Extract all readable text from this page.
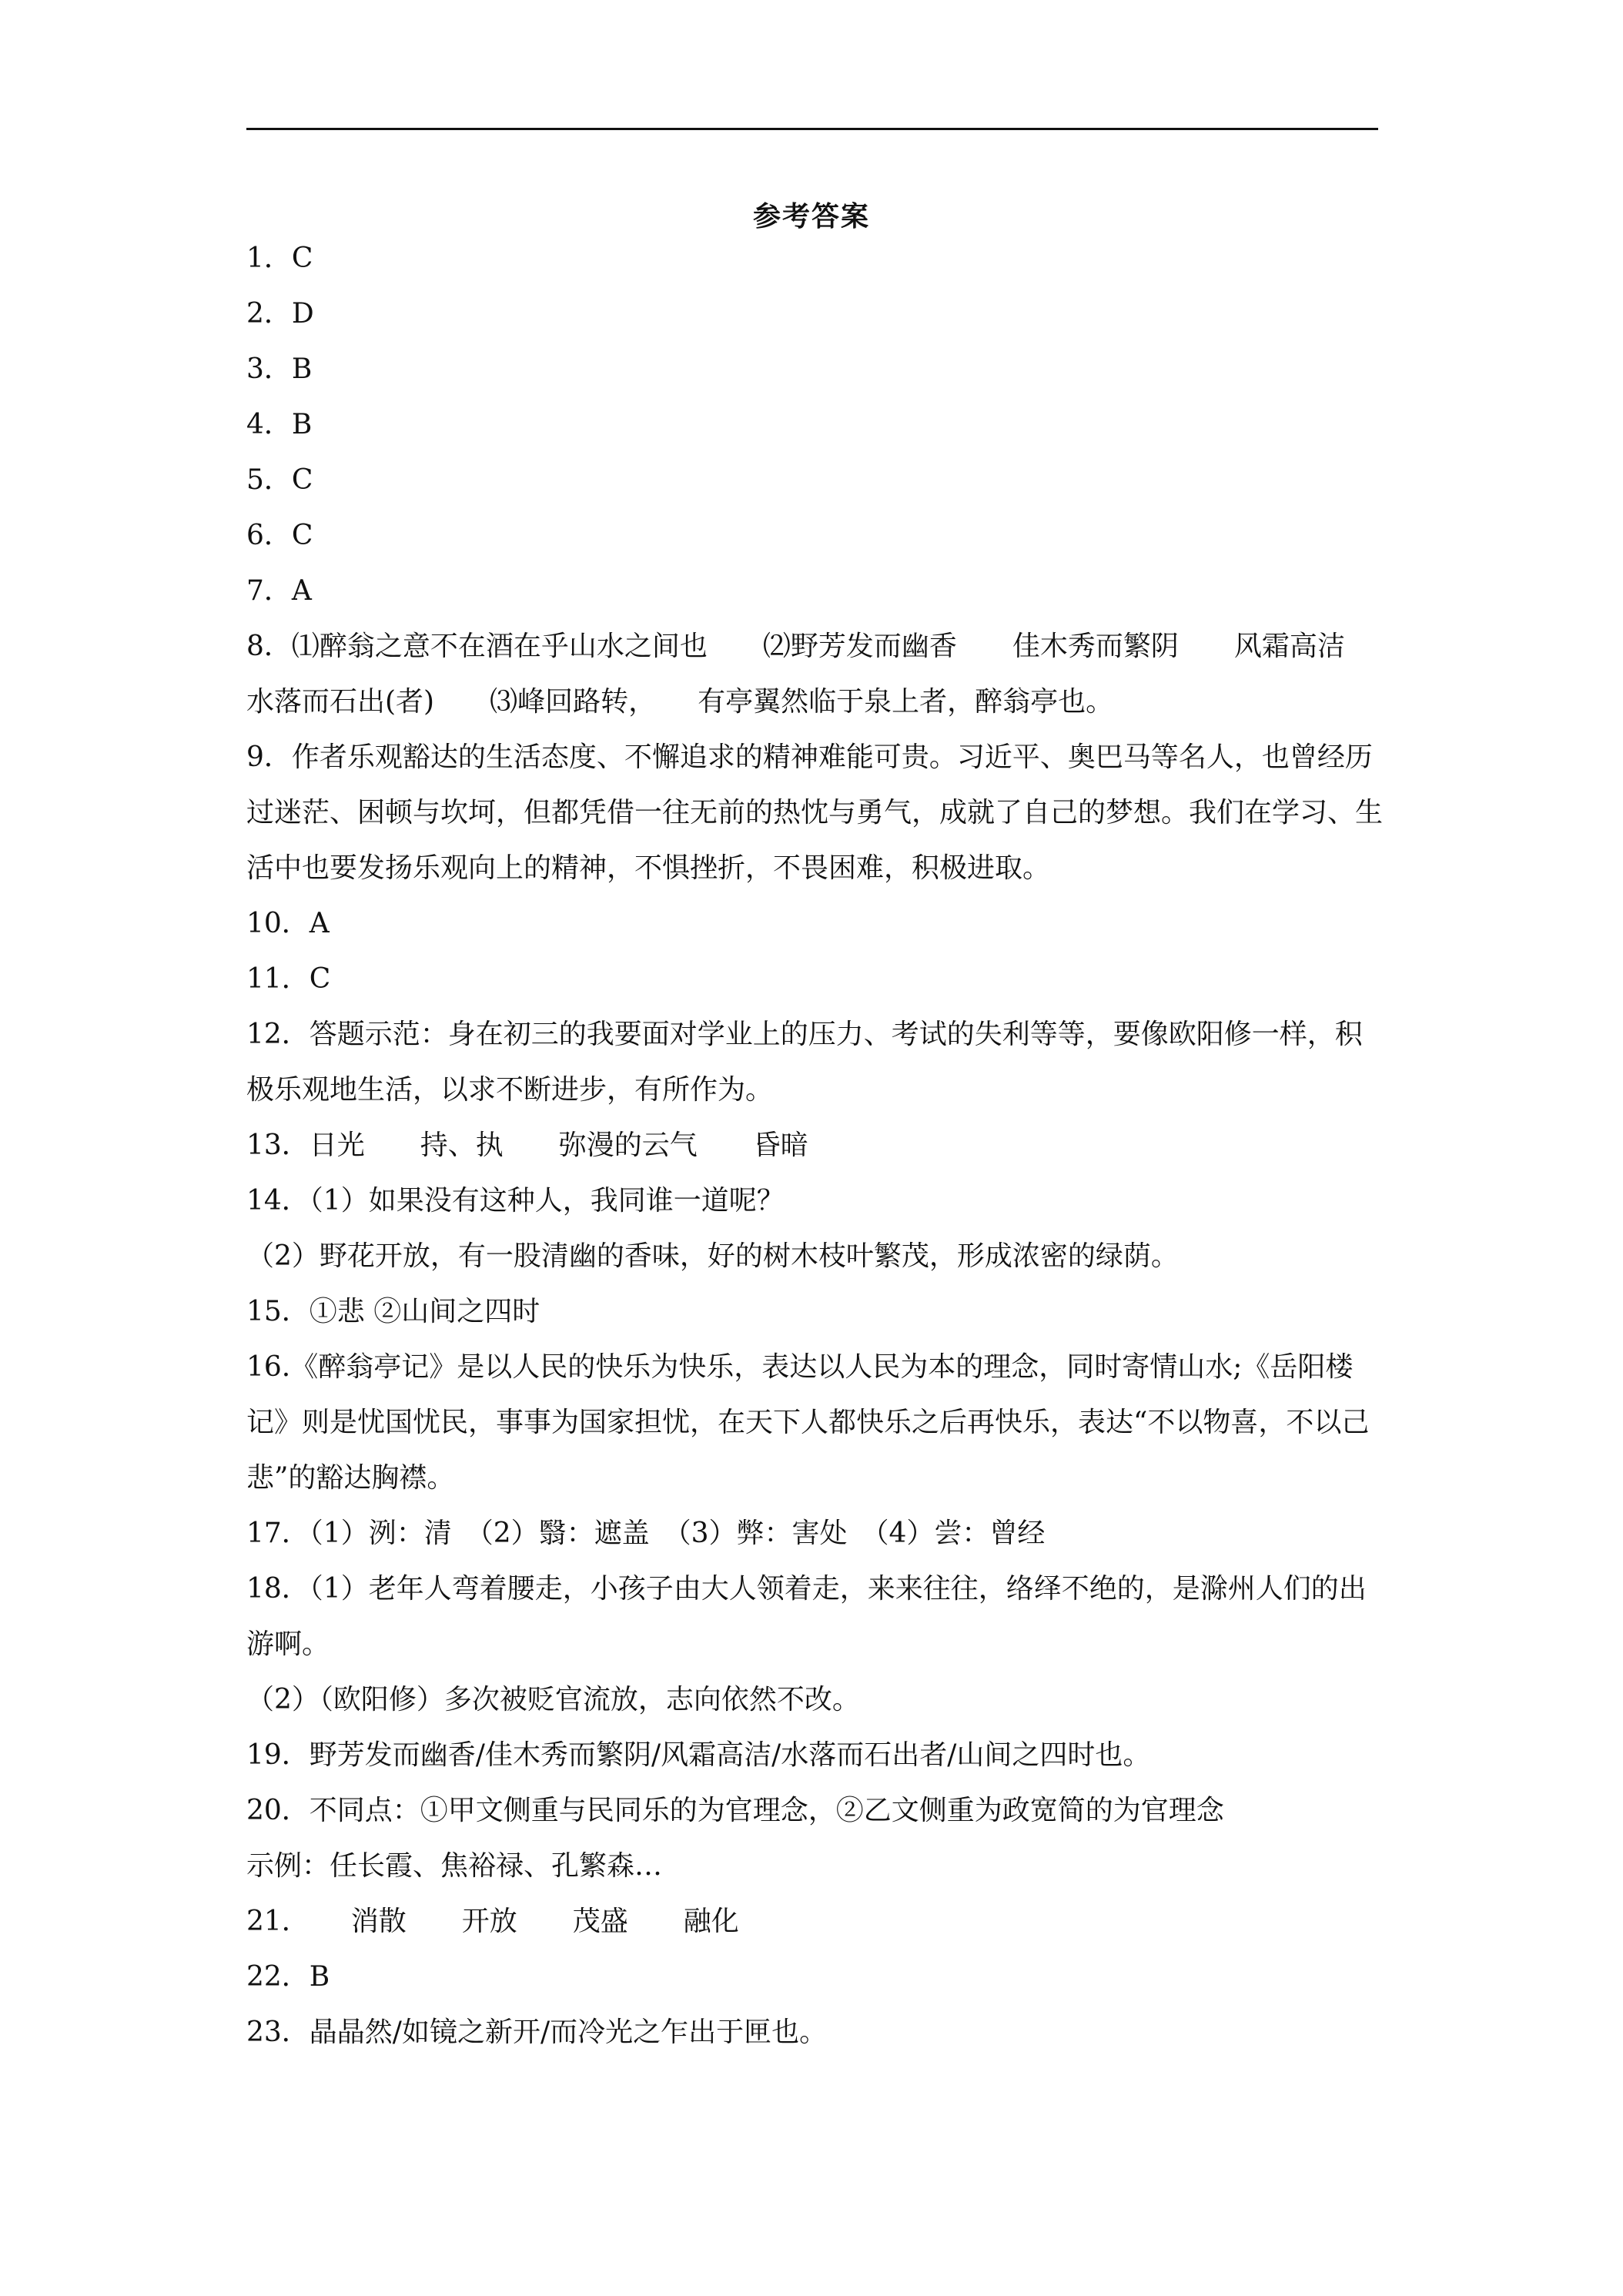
参考答案

1．C

2．D

3．B

4．B

5．C

6．C

7．A

8．⑴醉翁之意不在酒在乎山水之间也　　⑵野芳发而幽香　　佳木秀而繁阴　　风霜高洁　　水落而石出(者)　　⑶峰回路转，　　有亭翼然临于泉上者，醉翁亭也。

9．作者乐观豁达的生活态度、不懈追求的精神难能可贵。习近平、奥巴马等名人，也曾经历过迷茫、困顿与坎坷，但都凭借一往无前的热忱与勇气，成就了自己的梦想。我们在学习、生活中也要发扬乐观向上的精神，不惧挫折，不畏困难，积极进取。

10．A

11．C

12．答题示范：身在初三的我要面对学业上的压力、考试的失利等等，要像欧阳修一样，积极乐观地生活，以求不断进步，有所作为。

13．日光　　持、执　　弥漫的云气　　昏暗

14．（1）如果没有这种人，我同谁一道呢？

（2）野花开放，有一股清幽的香味，好的树木枝叶繁茂，形成浓密的绿荫。

15．①悲 ②山间之四时

16.《醉翁亭记》是以人民的快乐为快乐，表达以人民为本的理念，同时寄情山水;《岳阳楼记》则是忧国忧民，事事为国家担忧，在天下人都快乐之后再快乐，表达“不以物喜，不以己悲”的豁达胸襟。

17．（1）洌：清　（2）翳：遮盖　（3）弊：害处　（4）尝：曾经

18．（1）老年人弯着腰走，小孩子由大人领着走，来来往往，络绎不绝的，是滁州人们的出游啊。

（2）（欧阳修）多次被贬官流放，志向依然不改。

19．野芳发而幽香/佳木秀而繁阴/风霜高洁/水落而石出者/山间之四时也。

20．不同点：①甲文侧重与民同乐的为官理念，②乙文侧重为政宽简的为官理念

示例：任长霞、焦裕禄、孔繁森…

21．　　消散　　开放　　茂盛　　融化

22．B

23．晶晶然/如镜之新开/而冷光之乍出于匣也。
